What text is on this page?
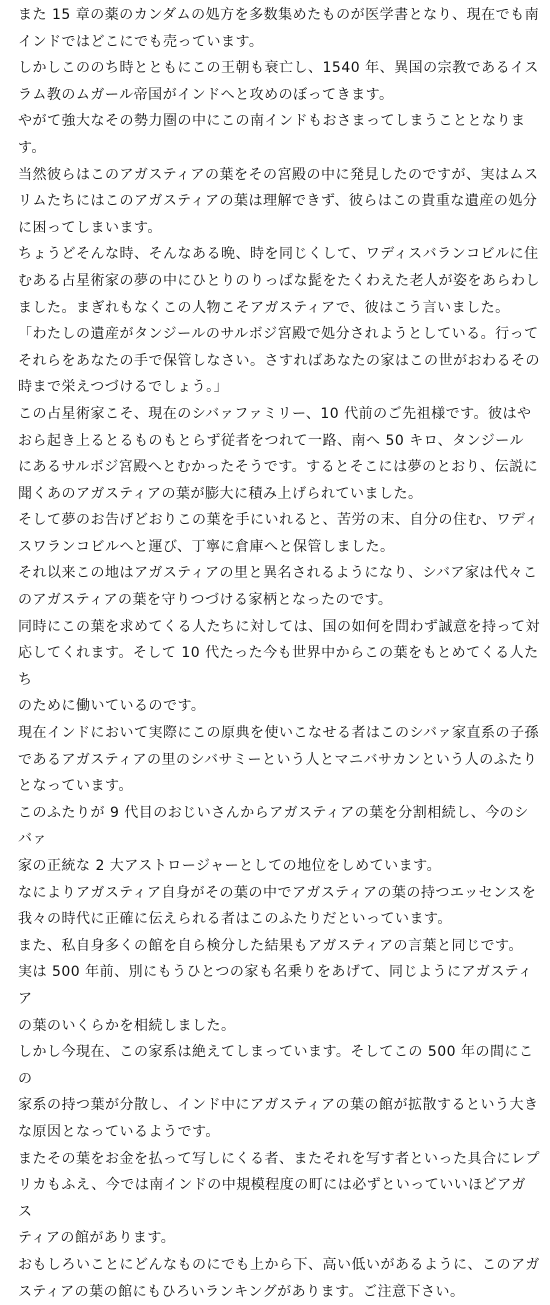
また 15 章の薬のカンダムの処方を多数集めたものが医学書となり、現在でも南
インドではどこにでも売っています。

しかしこののち時とともにこの王朝も衰亡し、1540 年、異国の宗教であるイス
ラム教のムガール帝国がインドへと攻めのぼってきます。

やがて強大なその勢力圏の中にこの南インドもおさまってしまうこととなります。

当然彼らはこのアガスティアの葉をその宮殿の中に発見したのですが、実はムス
リムたちにはこのアガスティアの葉は理解できず、彼らはこの貴重な遺産の処分
に困ってしまいます。

ちょうどそんな時、そんなある晩、時を同じくして、ワディスバランコビルに住
むある占星術家の夢の中にひとりのりっぱな髭をたくわえた老人が姿をあらわし
ました。まぎれもなくこの人物こそアガスティアで、彼はこう言いました。

「わたしの遺産がタンジールのサルボジ宮殿で処分されようとしている。行って
それらをあなたの手で保管しなさい。さすればあなたの家はこの世がおわるその
時まで栄えつづけるでしょう。」

この占星術家こそ、現在のシバァファミリー、10 代前のご先祖様です。彼はや
おら起き上るとるものもとらず従者をつれて一路、南へ 50 キロ、タンジール
にあるサルボジ宮殿へとむかったそうです。するとそこには夢のとおり、伝説に
聞くあのアガスティアの葉が膨大に積み上げられていました。

そして夢のお告げどおりこの葉を手にいれると、苦労の末、自分の住む、ワディ
スワランコビルへと運び、丁寧に倉庫へと保管しました。

それ以来この地はアガスティアの里と異名されるようになり、シバア家は代々こ
のアガスティアの葉を守りつづける家柄となったのです。

同時にこの葉を求めてくる人たちに対しては、国の如何を問わず誠意を持って対
応してくれます。そして 10 代たった今も世界中からこの葉をもとめてくる人たち
のために働いているのです。

現在インドにおいて実際にこの原典を使いこなせる者はこのシバァ家直系の子孫
であるアガスティアの里のシバサミーという人とマニバサカンという人のふたり
となっています。

このふたりが 9 代目のおじいさんからアガスティアの葉を分割相続し、今のシバァ
家の正統な 2 大アストロージャーとしての地位をしめています。

なによりアガスティア自身がその葉の中でアガスティアの葉の持つエッセンスを
我々の時代に正確に伝えられる者はこのふたりだといっています。

また、私自身多くの館を自ら検分した結果もアガスティアの言葉と同じです。

実は 500 年前、別にもうひとつの家も名乗りをあげて、同じようにアガスティア
の葉のいくらかを相続しました。

しかし今現在、この家系は絶えてしまっています。そしてこの 500 年の間にこの
家系の持つ葉が分散し、インド中にアガスティアの葉の館が拡散するという大き
な原因となっているようです。

またその葉をお金を払って写しにくる者、またそれを写す者といった具合にレプ
リカもふえ、今では南インドの中規模程度の町には必ずといっていいほどアガス
ティアの館があります。

おもしろいことにどんなものにでも上から下、高い低いがあるように、このアガ
スティアの葉の館にもひろいランキングがあります。ご注意下さい。
